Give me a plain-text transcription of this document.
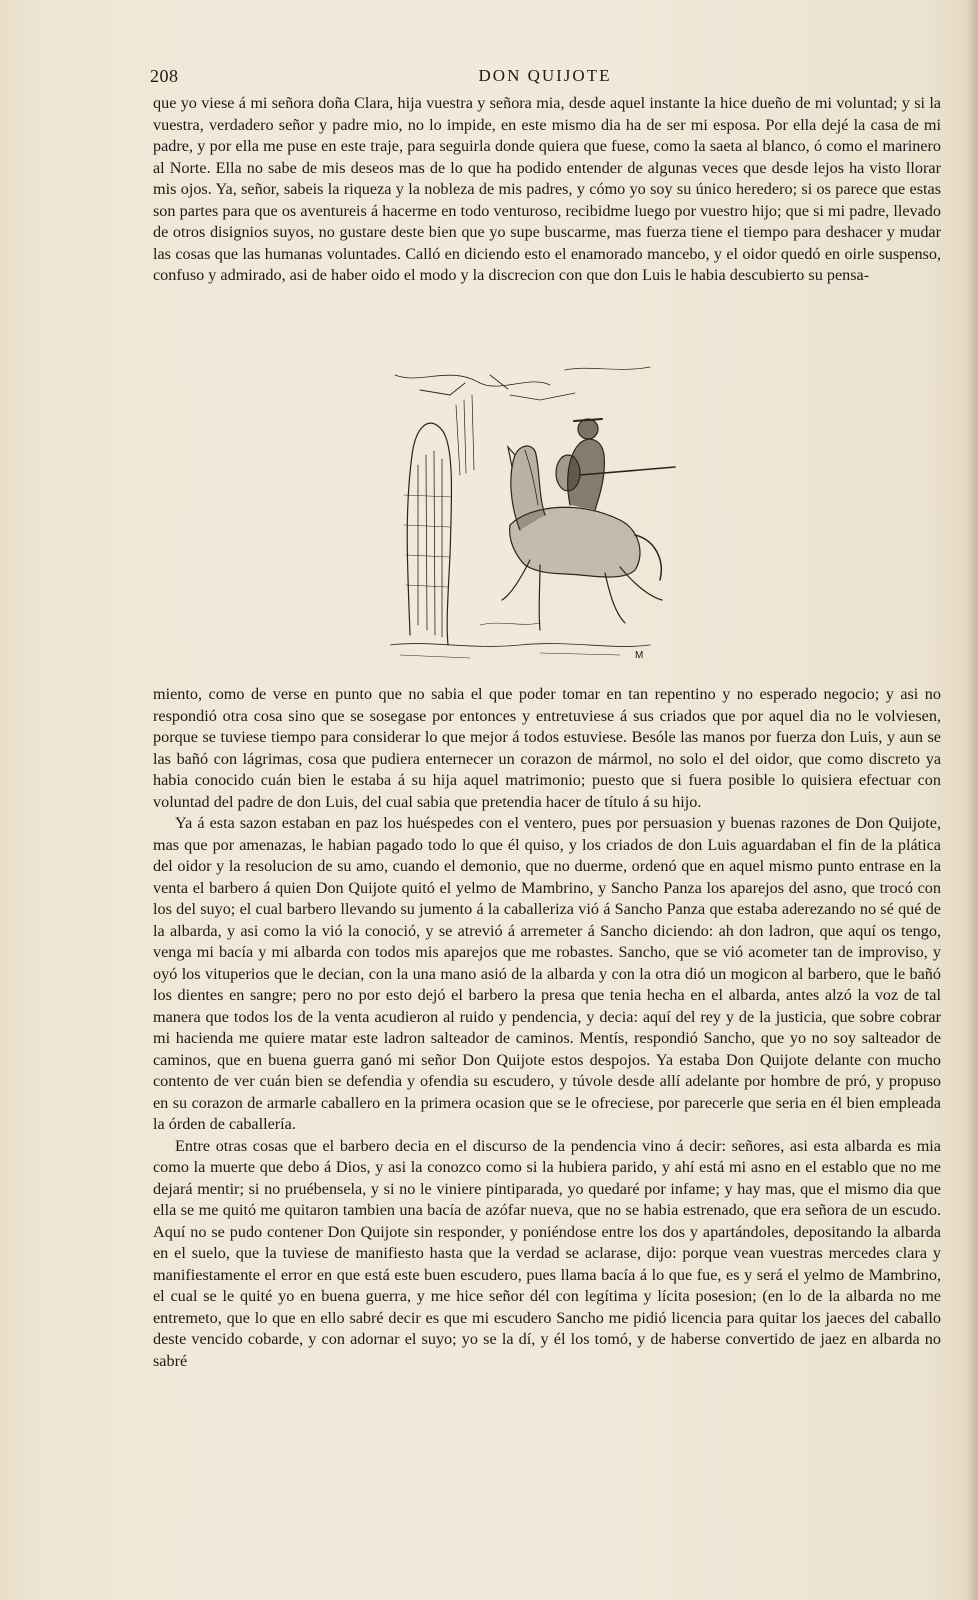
208	DON QUIJOTE

que yo viese á mi señora doña Clara, hija vuestra y señora mia, desde aquel instante la hice dueño de mi voluntad; y si la vuestra, verdadero señor y padre mio, no lo impide, en este mismo dia ha de ser mi esposa. Por ella dejé la casa de mi padre, y por ella me puse en este traje, para seguirla donde quiera que fuese, como la saeta al blanco, ó como el marinero al Norte. Ella no sabe de mis deseos mas de lo que ha podido entender de algunas veces que desde lejos ha visto llorar mis ojos. Ya, señor, sabeis la riqueza y la nobleza de mis padres, y cómo yo soy su único heredero; si os parece que estas son partes para que os aventureis á hacerme en todo venturoso, recibidme luego por vuestro hijo; que si mi padre, llevado de otros disignios suyos, no gustare deste bien que yo supe buscarme, mas fuerza tiene el tiempo para deshacer y mudar las cosas que las humanas voluntades. Calló en diciendo esto el enamorado mancebo, y el oidor quedó en oirle suspenso, confuso y admirado, asi de haber oido el modo y la discrecion con que don Luis le habia descubierto su pensa-

M

miento, como de verse en punto que no sabia el que poder tomar en tan repentino y no esperado negocio; y asi no respondió otra cosa sino que se sosegase por entonces y entretuviese á sus criados que por aquel dia no le volviesen, porque se tuviese tiempo para considerar lo que mejor á todos estuviese. Besóle las manos por fuerza don Luis, y aun se las bañó con lágrimas, cosa que pudiera enternecer un corazon de mármol, no solo el del oidor, que como discreto ya habia conocido cuán bien le estaba á su hija aquel matrimonio; puesto que si fuera posible lo quisiera efectuar con voluntad del padre de don Luis, del cual sabia que pretendia hacer de título á su hijo.

Ya á esta sazon estaban en paz los huéspedes con el ventero, pues por persuasion y buenas razones de Don Quijote, mas que por amenazas, le habian pagado todo lo que él quiso, y los criados de don Luis aguardaban el fin de la plática del oidor y la resolucion de su amo, cuando el demonio, que no duerme, ordenó que en aquel mismo punto entrase en la venta el barbero á quien Don Quijote quitó el yelmo de Mambrino, y Sancho Panza los aparejos del asno, que trocó con los del suyo; el cual barbero llevando su jumento á la caballeriza vió á Sancho Panza que estaba aderezando no sé qué de la albarda, y asi como la vió la conoció, y se atrevió á arremeter á Sancho diciendo: ah don ladron, que aquí os tengo, venga mi bacía y mi albarda con todos mis aparejos que me robastes. Sancho, que se vió acometer tan de improviso, y oyó los vituperios que le decian, con la una mano asió de la albarda y con la otra dió un mogicon al barbero, que le bañó los dientes en sangre; pero no por esto dejó el barbero la presa que tenia hecha en el albarda, antes alzó la voz de tal manera que todos los de la venta acudieron al ruido y pendencia, y decia: aquí del rey y de la justicia, que sobre cobrar mi hacienda me quiere matar este ladron salteador de caminos. Mentís, respondió Sancho, que yo no soy salteador de caminos, que en buena guerra ganó mi señor Don Quijote estos despojos. Ya estaba Don Quijote delante con mucho contento de ver cuán bien se defendia y ofendia su escudero, y túvole desde allí adelante por hombre de pró, y propuso en su corazon de armarle caballero en la primera ocasion que se le ofreciese, por parecerle que seria en él bien empleada la órden de caballería.

Entre otras cosas que el barbero decia en el discurso de la pendencia vino á decir: señores, asi esta albarda es mia como la muerte que debo á Dios, y asi la conozco como si la hubiera parido, y ahí está mi asno en el establo que no me dejará mentir; si no pruébensela, y si no le viniere pintiparada, yo quedaré por infame; y hay mas, que el mismo dia que ella se me quitó me quitaron tambien una bacía de azófar nueva, que no se habia estrenado, que era señora de un escudo. Aquí no se pudo contener Don Quijote sin responder, y poniéndose entre los dos y apartándoles, depositando la albarda en el suelo, que la tuviese de manifiesto hasta que la verdad se aclarase, dijo: porque vean vuestras mercedes clara y manifiestamente el error en que está este buen escudero, pues llama bacía á lo que fue, es y será el yelmo de Mambrino, el cual se le quité yo en buena guerra, y me hice señor dél con legítima y lícita posesion; (en lo de la albarda no me entremeto, que lo que en ello sabré decir es que mi escudero Sancho me pidió licencia para quitar los jaeces del caballo deste vencido cobarde, y con adornar el suyo; yo se la dí, y él los tomó, y de haberse convertido de jaez en albarda no sabré
